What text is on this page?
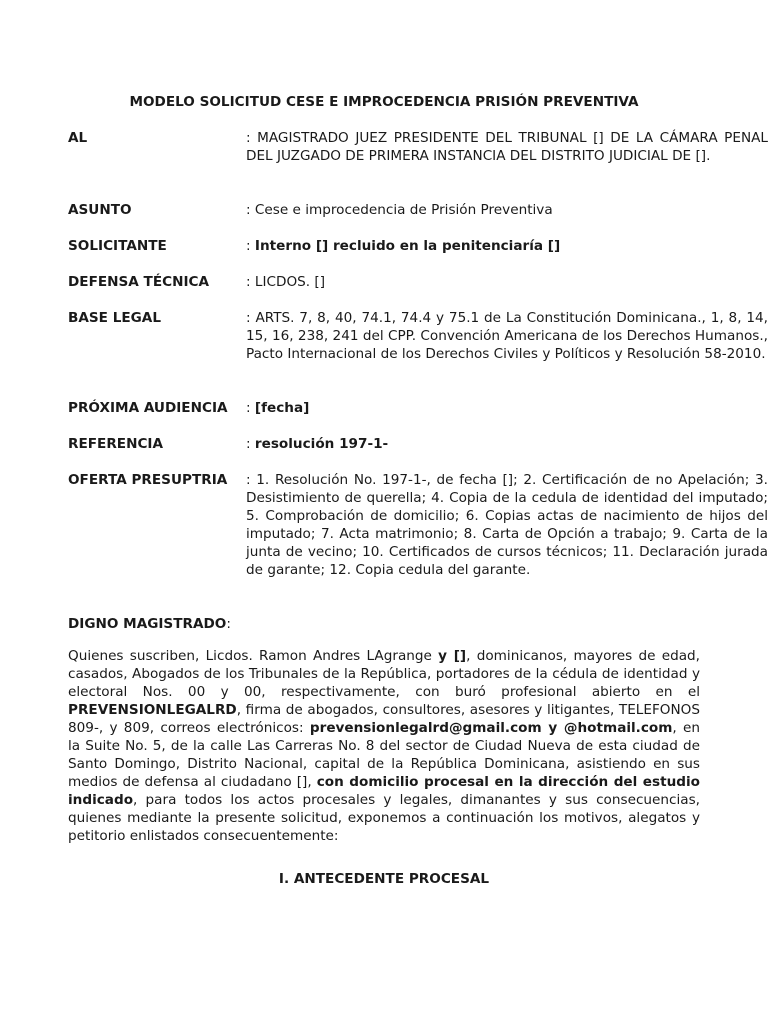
MODELO SOLICITUD CESE E IMPROCEDENCIA PRISIÓN PREVENTIVA
AL	: MAGISTRADO JUEZ PRESIDENTE DEL TRIBUNAL [] DE LA CÁMARA PENAL DEL JUZGADO DE PRIMERA INSTANCIA DEL DISTRITO JUDICIAL DE [].
ASUNTO	: Cese e improcedencia de Prisión Preventiva
SOLICITANTE	: Interno [] recluido en la penitenciaría []
DEFENSA TÉCNICA	: LICDOS. []
BASE LEGAL	: ARTS. 7, 8, 40, 74.1, 74.4 y 75.1 de La Constitución Dominicana., 1, 8, 14, 15, 16, 238, 241 del CPP. Convención Americana de los Derechos Humanos., Pacto Internacional de los Derechos Civiles y Políticos y Resolución 58-2010.
PRÓXIMA AUDIENCIA : [fecha]
REFERENCIA	: resolución 197-1-
OFERTA PRESUPTRIA : 1. Resolución No. 197-1-, de fecha []; 2. Certificación de no Apelación; 3. Desistimiento de querella; 4. Copia de la cedula de identidad del imputado; 5. Comprobación de domicilio; 6. Copias actas de nacimiento de hijos del imputado; 7. Acta matrimonio; 8. Carta de Opción a trabajo; 9. Carta de la junta de vecino; 10. Certificados de cursos técnicos; 11. Declaración jurada de garante; 12. Copia cedula del garante.
DIGNO MAGISTRADO:
Quienes suscriben, Licdos. Ramon Andres LAgrange y [], dominicanos, mayores de edad, casados, Abogados de los Tribunales de la República, portadores de la cédula de identidad y electoral Nos. 00 y 00, respectivamente, con buró profesional abierto en el PREVENSIONLEGALRD, firma de abogados, consultores, asesores y litigantes, TELEFONOS 809-, y 809, correos electrónicos: prevensionlegalrd@gmail.com y @hotmail.com, en la Suite No. 5, de la calle Las Carreras No. 8 del sector de Ciudad Nueva de esta ciudad de Santo Domingo, Distrito Nacional, capital de la República Dominicana, asistiendo en sus medios de defensa al ciudadano [], con domicilio procesal en la dirección del estudio indicado, para todos los actos procesales y legales, dimanantes y sus consecuencias, quienes mediante la presente solicitud, exponemos a continuación los motivos, alegatos y petitorio enlistados consecuentemente:
I. ANTECEDENTE PROCESAL
